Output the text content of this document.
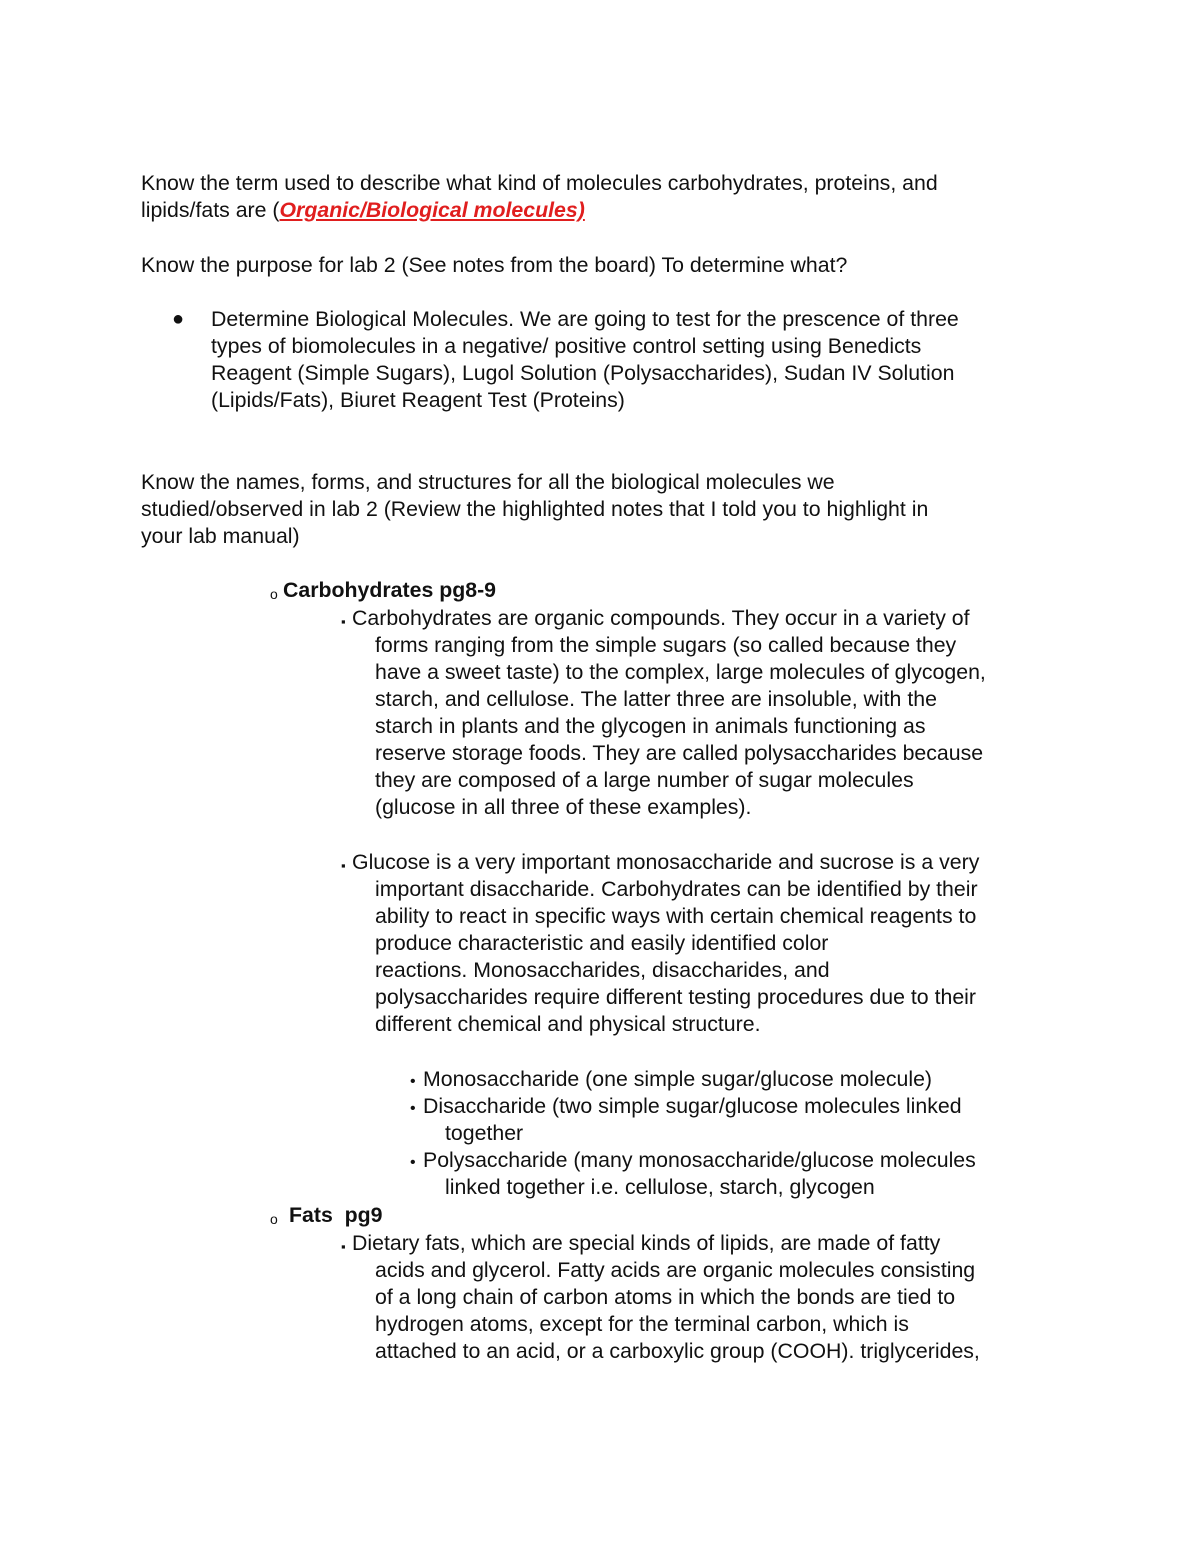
Know the term used to describe what kind of molecules carbohydrates, proteins, and
lipids/fats are (Organic/Biological molecules)
Know the purpose for lab 2 (See notes from the board) To determine what?
● Determine Biological Molecules. We are going to test for the prescence of three
types of biomolecules in a negative/ positive control setting using Benedicts
Reagent (Simple Sugars), Lugol Solution (Polysaccharides), Sudan IV Solution
(Lipids/Fats), Biuret Reagent Test (Proteins)
Know the names, forms, and structures for all the biological molecules we
studied/observed in lab 2 (Review the highlighted notes that I told you to highlight in
your lab manual)
o Carbohydrates pg8-9
▪ Carbohydrates are organic compounds. They occur in a variety of
forms ranging from the simple sugars (so called because they
have a sweet taste) to the complex, large molecules of glycogen,
starch, and cellulose. The latter three are insoluble, with the
starch in plants and the glycogen in animals functioning as
reserve storage foods. They are called polysaccharides because
they are composed of a large number of sugar molecules
(glucose in all three of these examples).
▪ Glucose is a very important monosaccharide and sucrose is a very
important disaccharide. Carbohydrates can be identified by their
ability to react in specific ways with certain chemical reagents to
produce characteristic and easily identified color
reactions. Monosaccharides, disaccharides, and
polysaccharides require different testing procedures due to their
different chemical and physical structure.
• Monosaccharide (one simple sugar/glucose molecule)
• Disaccharide (two simple sugar/glucose molecules linked
together
• Polysaccharide (many monosaccharide/glucose molecules
linked together i.e. cellulose, starch, glycogen
o Fats  pg9
▪ Dietary fats, which are special kinds of lipids, are made of fatty
acids and glycerol. Fatty acids are organic molecules consisting
of a long chain of carbon atoms in which the bonds are tied to
hydrogen atoms, except for the terminal carbon, which is
attached to an acid, or a carboxylic group (COOH). triglycerides,
